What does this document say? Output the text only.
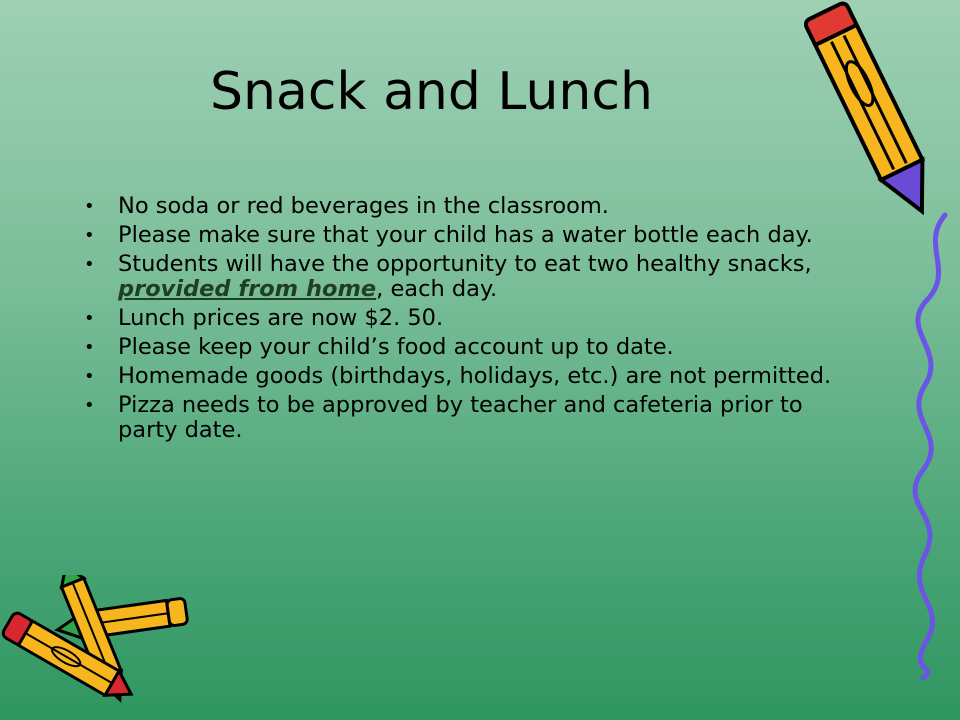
Snack and Lunch
• No soda or red beverages in the classroom.
• Please make sure that your child has a water bottle each day.
• Students will have the opportunity to eat two healthy snacks, provided from home, each day.
• Lunch prices are now $2. 50.
• Please keep your child’s food account up to date.
• Homemade goods (birthdays, holidays, etc.) are not permitted.
• Pizza needs to be approved by teacher and cafeteria prior to party date.
